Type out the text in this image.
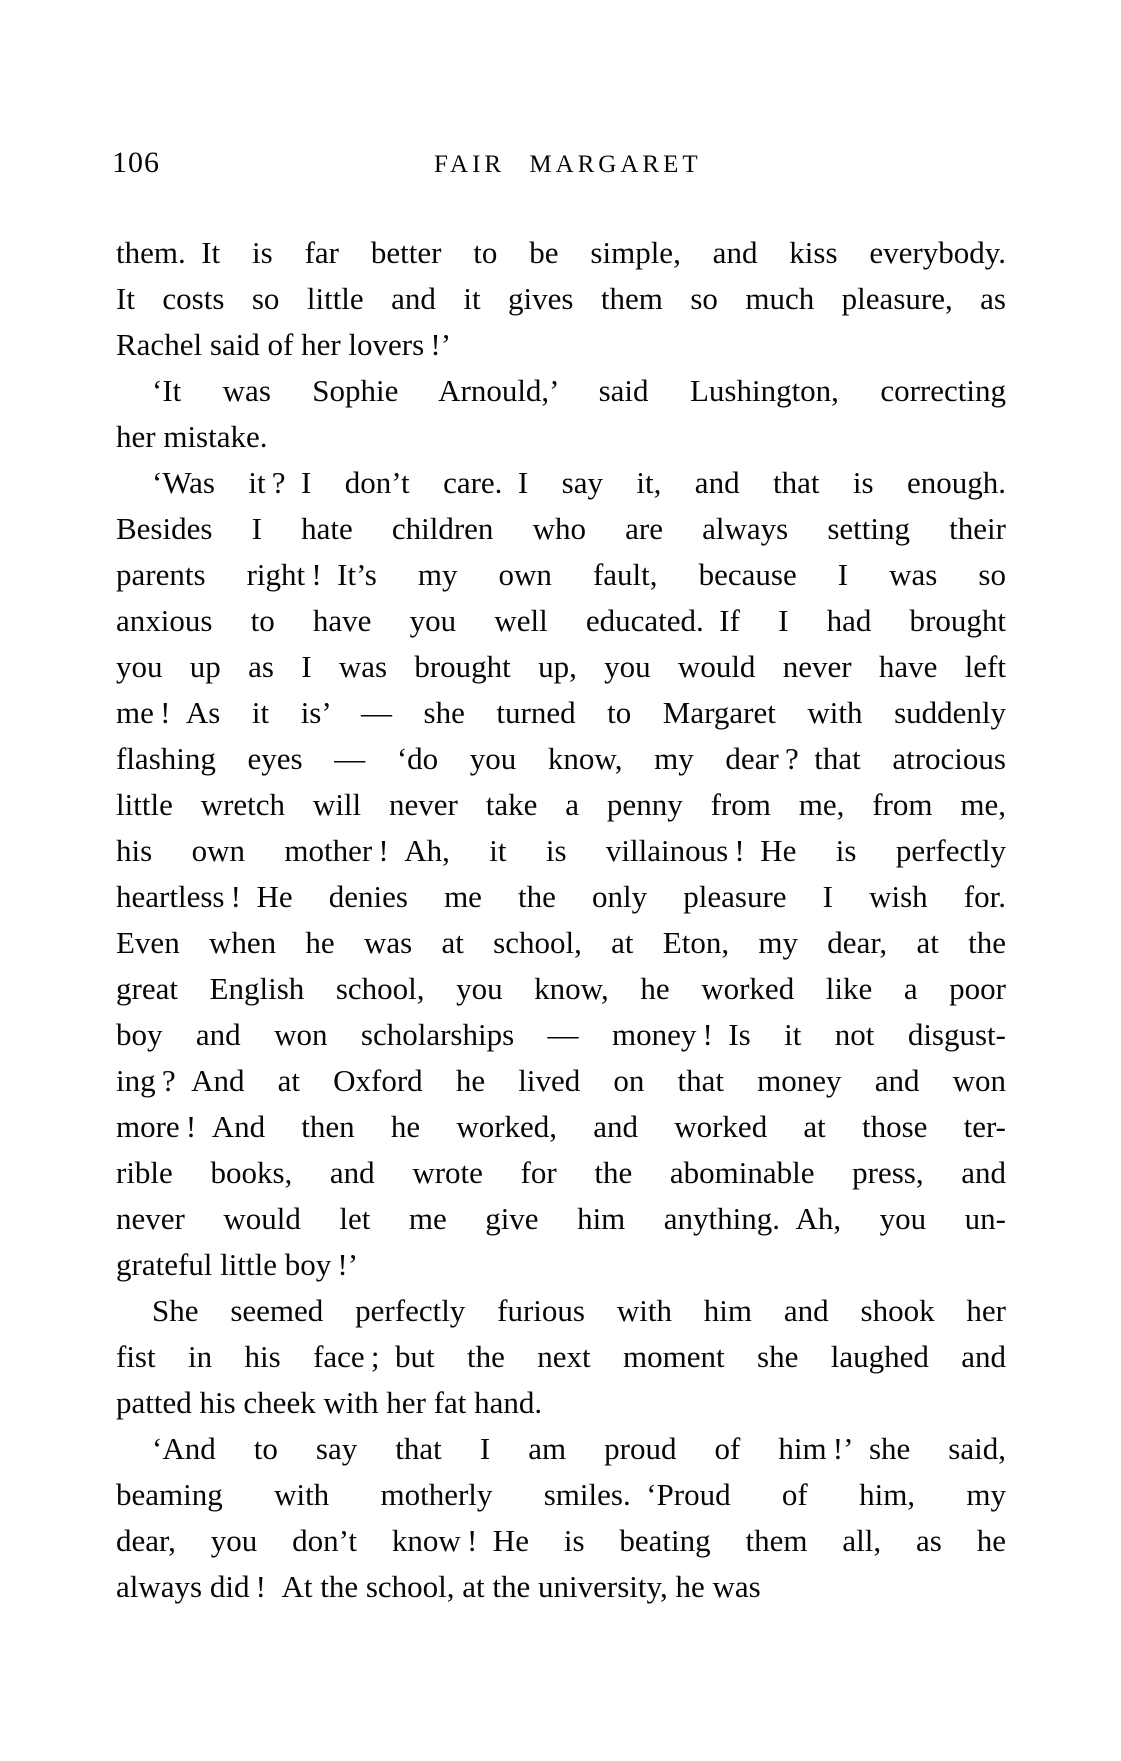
106	FAIR MARGARET
them. It is far better to be simple, and kiss everybody.
It costs so little and it gives them so much pleasure, as
Rachel said of her lovers !’
‘It was Sophie Arnould,’ said Lushington, correcting
her mistake.
‘Was it ? I don’t care. I say it, and that is enough.
Besides I hate children who are always setting their
parents right ! It’s my own fault, because I was so
anxious to have you well educated. If I had brought
you up as I was brought up, you would never have left
me ! As it is’ — she turned to Margaret with suddenly
flashing eyes — ‘do you know, my dear ? that atrocious
little wretch will never take a penny from me, from me,
his own mother ! Ah, it is villainous ! He is perfectly
heartless ! He denies me the only pleasure I wish for.
Even when he was at school, at Eton, my dear, at the
great English school, you know, he worked like a poor
boy and won scholarships — money ! Is it not disgust-
ing ? And at Oxford he lived on that money and won
more ! And then he worked, and worked at those ter-
rible books, and wrote for the abominable press, and
never would let me give him anything. Ah, you un-
grateful little boy !’
She seemed perfectly furious with him and shook her
fist in his face ; but the next moment she laughed and
patted his cheek with her fat hand.
‘And to say that I am proud of him !’ she said,
beaming with motherly smiles. ‘Proud of him, my
dear, you don’t know ! He is beating them all, as he
always did ! At the school, at the university, he was
